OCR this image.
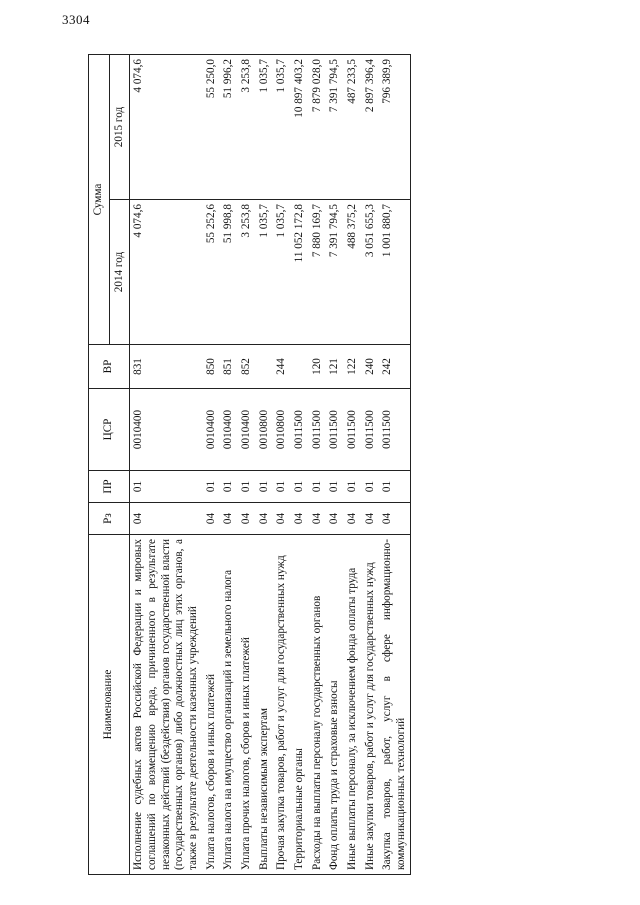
3304
Наименование	Рз	ПР	ЦСР	ВР	Сумма	
					2014 год	2015 год
Исполнение судебных актов Российской Федерации и мировых соглашений по возмещению вреда, причиненного в результате незаконных действий (бездействия) органов государственной власти (государственных органов) либо должностных лиц этих органов, а также в результате деятельности казенных учреждений	04	01	0010400	831	4 074,6	4 074,6
Уплата налогов, сборов и иных платежей	04	01	0010400	850	55 252,6	55 250,0
Уплата налога на имущество организаций и земельного налога	04	01	0010400	851	51 998,8	51 996,2
Уплата прочих налогов, сборов и иных платежей	04	01	0010400	852	3 253,8	3 253,8
Выплаты независимым экспертам	04	01	0010800		1 035,7	1 035,7
Прочая закупка товаров, работ и услуг для государственных нужд	04	01	0010800	244	1 035,7	1 035,7
Территориальные органы	04	01	0011500		11 052 172,8	10 897 403,2
Расходы на выплаты персоналу государственных органов	04	01	0011500	120	7 880 169,7	7 879 028,0
Фонд оплаты труда и страховые взносы	04	01	0011500	121	7 391 794,5	7 391 794,5
Иные выплаты персоналу, за исключением фонда оплаты труда	04	01	0011500	122	488 375,2	487 233,5
Иные закупки товаров, работ и услуг для государственных нужд	04	01	0011500	240	3 051 655,3	2 897 396,4
Закупка товаров, работ, услуг в сфере информационно-коммуникационных технологий	04	01	0011500	242	1 001 880,7	796 389,9
